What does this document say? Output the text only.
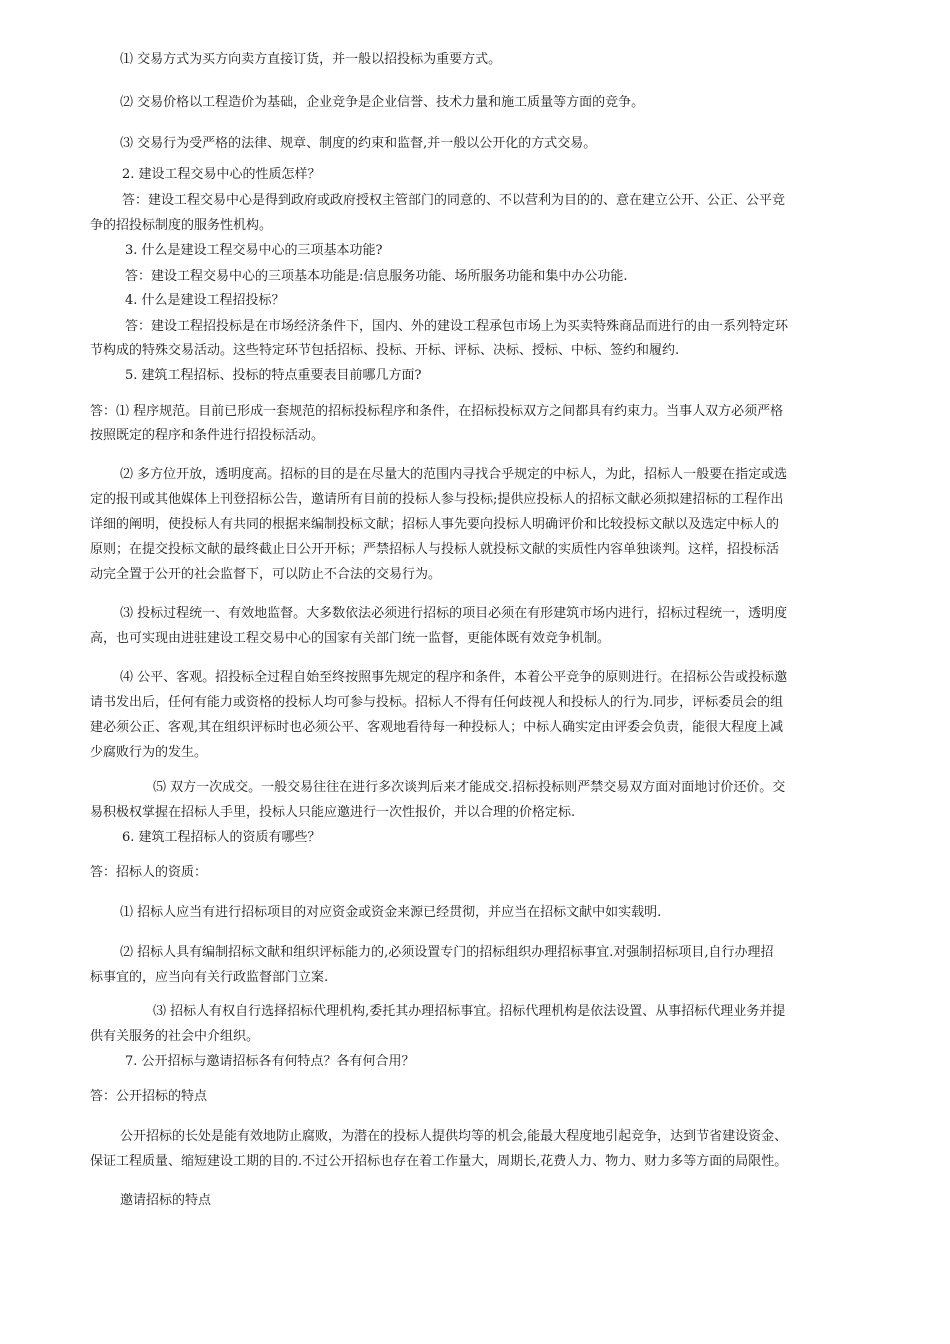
⑴ 交易方式为买方向卖方直接订货，并一般以招投标为重要方式。
⑵ 交易价格以工程造价为基础，企业竞争是企业信誉、技术力量和施工质量等方面的竞争。
⑶ 交易行为受严格的法律、规章、制度的约束和监督,并一般以公开化的方式交易。
2. 建设工程交易中心的性质怎样？
答：建设工程交易中心是得到政府或政府授权主管部门的同意的、不以营利为目的的、意在建立公开、公正、公平竞
争的招投标制度的服务性机构。
3. 什么是建设工程交易中心的三项基本功能?
答：建设工程交易中心的三项基本功能是:信息服务功能、场所服务功能和集中办公功能.
4. 什么是建设工程招投标？
答：建设工程招投标是在市场经济条件下，国内、外的建设工程承包市场上为买卖特殊商品而进行的由一系列特定环
节构成的特殊交易活动。这些特定环节包括招标、投标、开标、评标、决标、授标、中标、签约和履约.
5. 建筑工程招标、投标的特点重要表目前哪几方面?
答：⑴ 程序规范。目前已形成一套规范的招标投标程序和条件，在招标投标双方之间都具有约束力。当事人双方必须严格
按照既定的程序和条件进行招投标活动。
⑵ 多方位开放，透明度高。招标的目的是在尽量大的范围内寻找合乎规定的中标人，为此，招标人一般要在指定或选
定的报刊或其他媒体上刊登招标公告，邀请所有目前的投标人参与投标;提供应投标人的招标文献必须拟建招标的工程作出
详细的阐明，使投标人有共同的根据来编制投标文献；招标人事先要向投标人明确评价和比较投标文献以及选定中标人的
原则；在提交投标文献的最终截止日公开开标；严禁招标人与投标人就投标文献的实质性内容单独谈判。这样，招投标活
动完全置于公开的社会监督下，可以防止不合法的交易行为。
⑶ 投标过程统一、有效地监督。大多数依法必须进行招标的项目必须在有形建筑市场内进行，招标过程统一，透明度
高，也可实现由进驻建设工程交易中心的国家有关部门统一监督，更能体既有效竞争机制。
⑷ 公平、客观。招投标全过程自始至终按照事先规定的程序和条件，本着公平竞争的原则进行。在招标公告或投标邀
请书发出后，任何有能力或资格的投标人均可参与投标。招标人不得有任何歧视人和投标人的行为.同步，评标委员会的组
建必须公正、客观,其在组织评标时也必须公平、客观地看待每一种投标人；中标人确实定由评委会负责，能很大程度上减
少腐败行为的发生。
⑸ 双方一次成交。一般交易往往在进行多次谈判后来才能成交.招标投标则严禁交易双方面对面地讨价还价。交
易积极权掌握在招标人手里，投标人只能应邀进行一次性报价，并以合理的价格定标.
6. 建筑工程招标人的资质有哪些？
答：招标人的资质：
⑴ 招标人应当有进行招标项目的对应资金或资金来源已经贯彻，并应当在招标文献中如实载明.
⑵ 招标人具有编制招标文献和组织评标能力的,必须设置专门的招标组织办理招标事宜.对强制招标项目,自行办理招
标事宜的，应当向有关行政监督部门立案.
⑶ 招标人有权自行选择招标代理机构,委托其办理招标事宜。招标代理机构是依法设置、从事招标代理业务并提
供有关服务的社会中介组织。
7. 公开招标与邀请招标各有何特点？各有何合用？
答：公开招标的特点
公开招标的长处是能有效地防止腐败，为潜在的投标人提供均等的机会,能最大程度地引起竞争，达到节省建设资金、
保证工程质量、缩短建设工期的目的.不过公开招标也存在着工作量大，周期长,花费人力、物力、财力多等方面的局限性。
邀请招标的特点
